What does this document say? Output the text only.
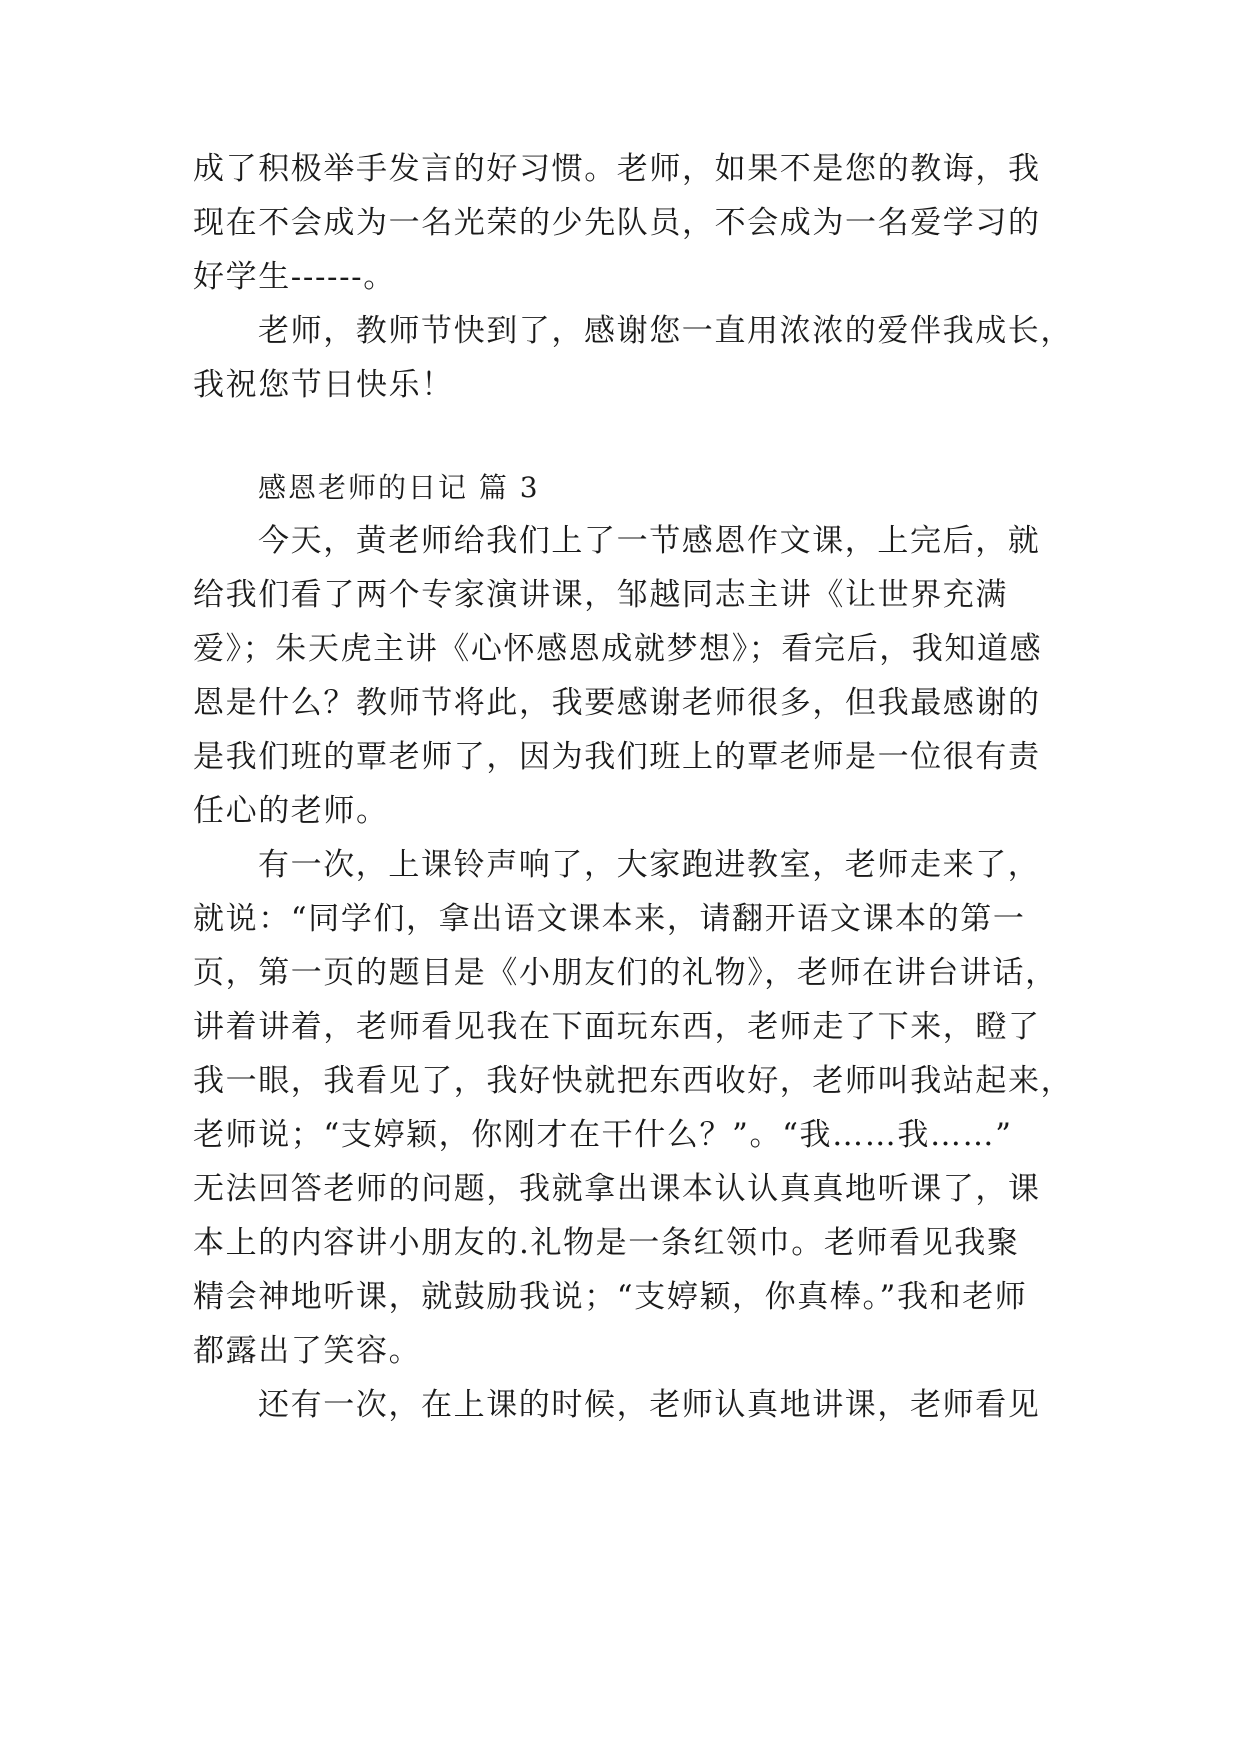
成了积极举手发言的好习惯。老师，如果不是您的教诲，我
现在不会成为一名光荣的少先队员，不会成为一名爱学习的
好学生------。
老师，教师节快到了，感谢您一直用浓浓的爱伴我成长，
我祝您节日快乐！
感恩老师的日记 篇 3
今天，黄老师给我们上了一节感恩作文课，上完后，就
给我们看了两个专家演讲课，邹越同志主讲《让世界充满
爱》；朱天虎主讲《心怀感恩成就梦想》；看完后，我知道感
恩是什么？教师节将此，我要感谢老师很多，但我最感谢的
是我们班的覃老师了，因为我们班上的覃老师是一位很有责
任心的老师。
有一次，上课铃声响了，大家跑进教室，老师走来了，
就说：“同学们，拿出语文课本来，请翻开语文课本的第一
页，第一页的题目是《小朋友们的礼物》，老师在讲台讲话，
讲着讲着，老师看见我在下面玩东西，老师走了下来，瞪了
我一眼，我看见了，我好快就把东西收好，老师叫我站起来，
老师说；“支婷颖，你刚才在干什么？”。“我……我……”
无法回答老师的问题，我就拿出课本认认真真地听课了，课
本上的内容讲小朋友的.礼物是一条红领巾。老师看见我聚
精会神地听课，就鼓励我说；“支婷颖，你真棒。”我和老师
都露出了笑容。
还有一次，在上课的时候，老师认真地讲课，老师看见
